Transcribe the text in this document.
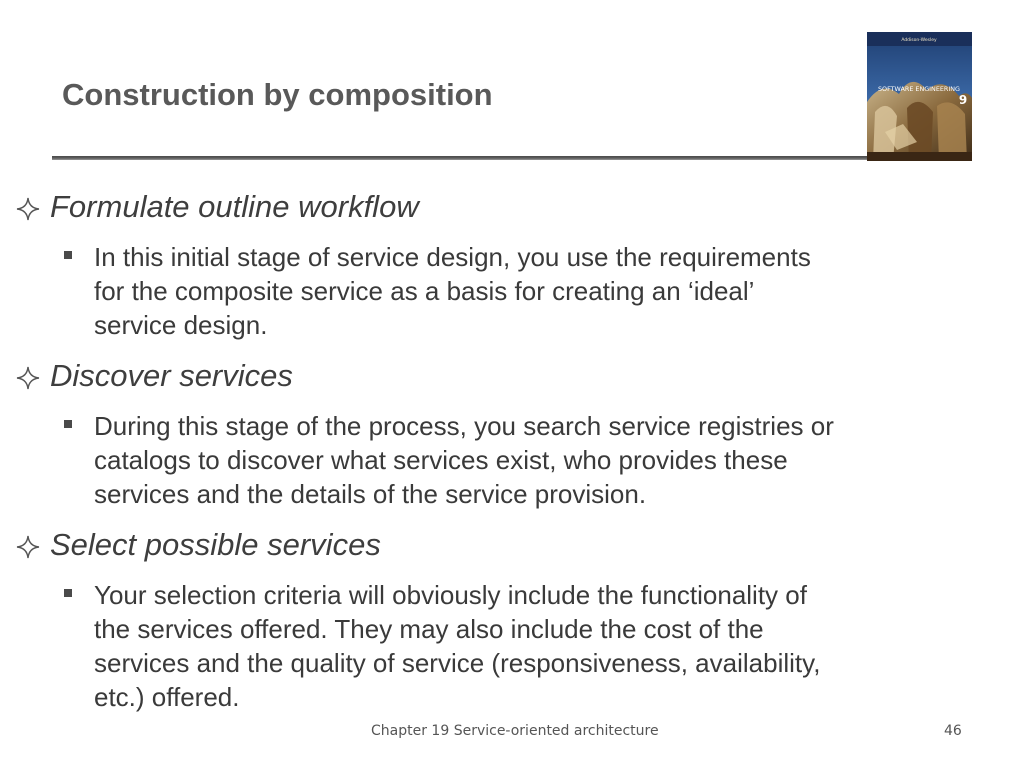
Construction by composition
Addison-Wesley
SOFTWARE ENGINEERING
9
Formulate outline workflow
In this initial stage of service design, you use the requirements
for the composite service as a basis for creating an ‘ideal’
service design.
Discover services
During this stage of the process, you search service registries or
catalogs to discover what services exist, who provides these
services and the details of the service provision.
Select possible services
Your selection criteria will obviously include the functionality of
the services offered. They may also include the cost of the
services and the quality of service (responsiveness, availability,
etc.) offered.
Chapter 19 Service-oriented architecture	46
